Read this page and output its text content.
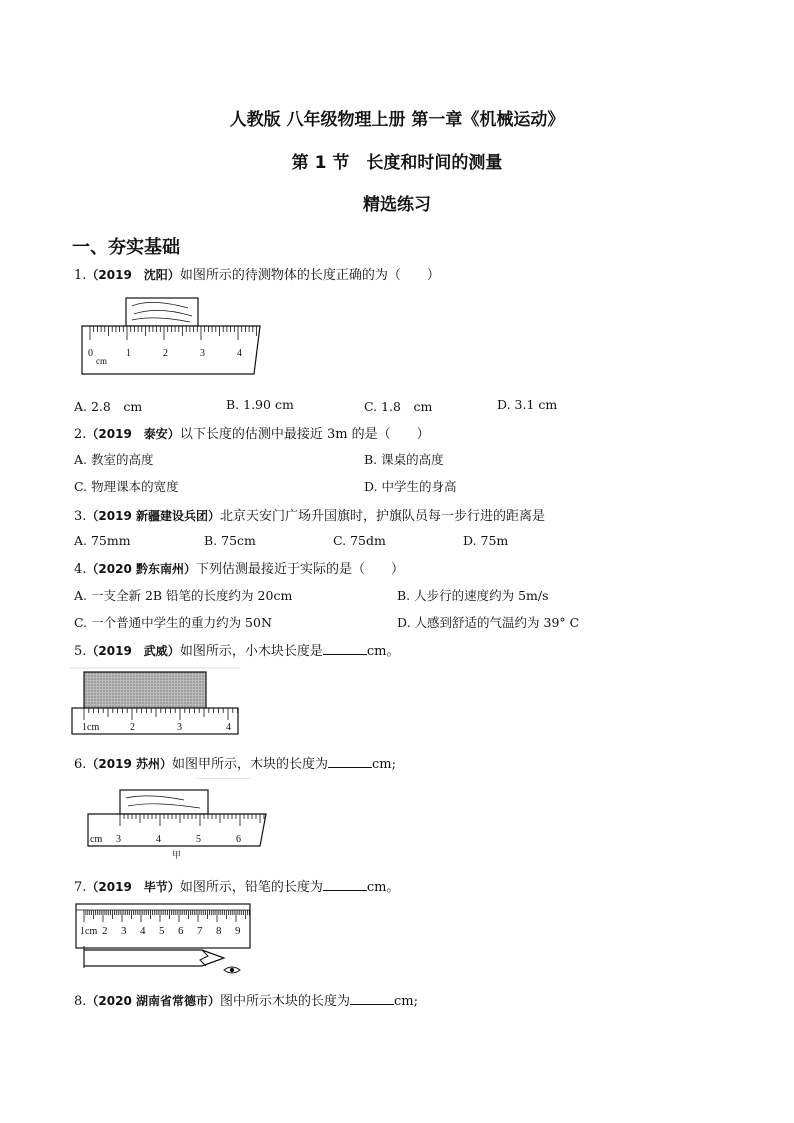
人教版 八年级物理上册 第一章《机械运动》
第 1 节　长度和时间的测量
精选练习
一、夯实基础
1.（2019　沈阳）如图所示的待测物体的长度正确的为（　　）
0	1	2	3	4
cm
A. 2.8　cm	B. 1.90 cm	C. 1.8　cm	D. 3.1 cm
2.（2019　泰安）以下长度的估测中最接近 3m 的是（　　）
A. 教室的高度	B. 课桌的高度
C. 物理课本的宽度	D. 中学生的身高
3.（2019 新疆建设兵团）北京天安门广场升国旗时，护旗队员每一步行进的距离是
A. 75mm	B. 75cm	C. 75dm	D. 75m
4.（2020 黔东南州）下列估测最接近于实际的是（　　）
A. 一支全新 2B 铅笔的长度约为 20cm	B. 人步行的速度约为 5m/s
C. 一个普通中学生的重力约为 50N	D. 人感到舒适的气温约为 39° C
5.（2019　武威）如图所示，小木块长度是	cm。
1cm	2	3	4
6.（2019 苏州）如图甲所示，木块的长度为	cm;
cm 3	4	5	6
甲
7.（2019　毕节）如图所示，铅笔的长度为	cm。
1cm 2 3 4 5 6 7 8 9
8.（2020 湖南省常德市）图中所示木块的长度为	cm;
